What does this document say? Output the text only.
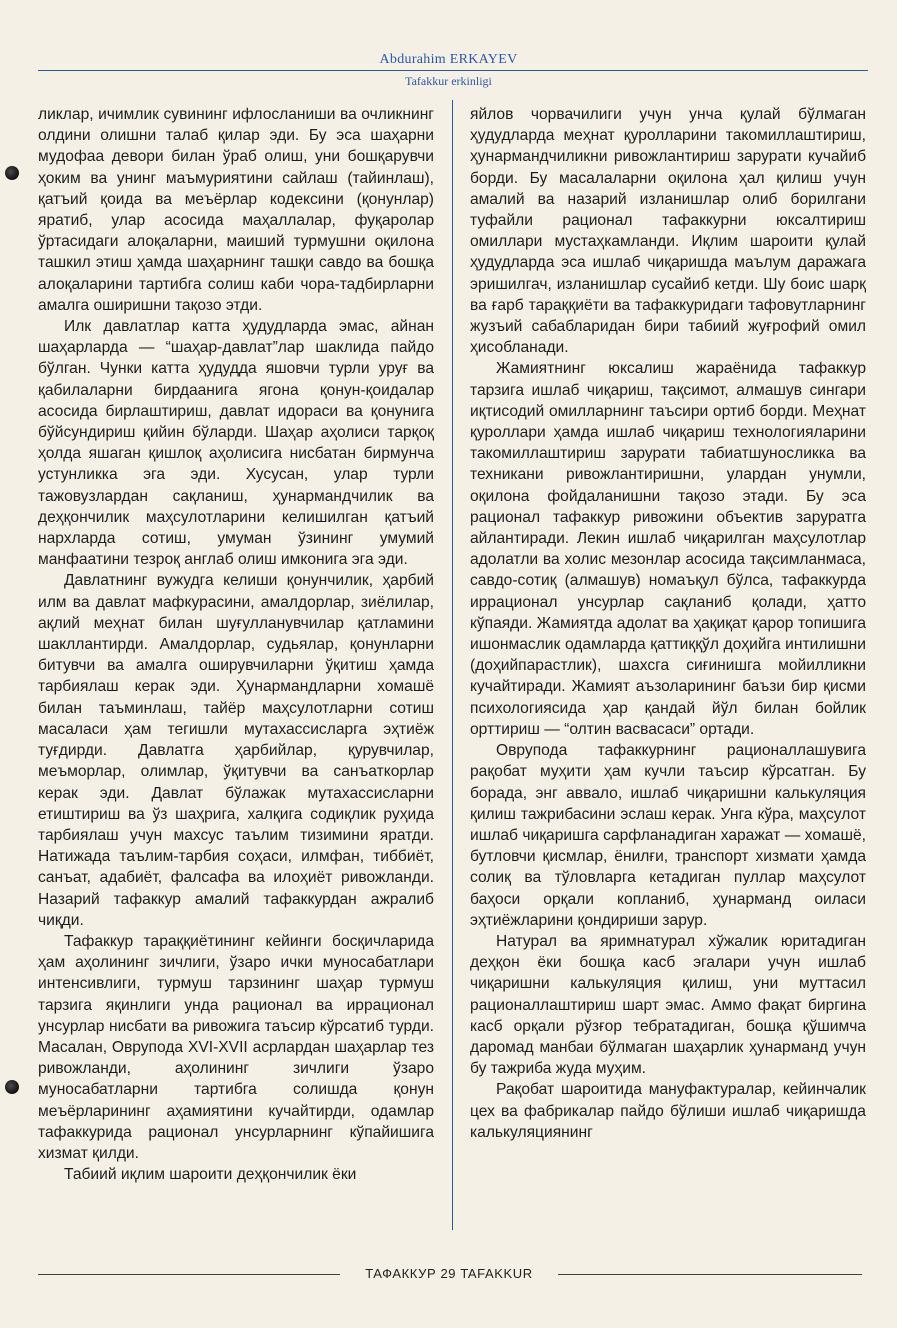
Abdurahim ERKAYEV
Tafakkur erkinligi

ликлар, ичимлик сувининг ифлосланиши ва очликнинг олдини олишни талаб қилар эди. Бу эса шаҳарни мудофаа девори билан ўраб олиш, уни бошқарувчи ҳоким ва унинг маъмуриятини сайлаш (тайинлаш), қатъий қоида ва меъёрлар кодексини (қонунлар) яратиб, улар асосида маҳаллалар, фуқаролар ўртасидаги алоқаларни, маиший турмушни оқилона ташкил этиш ҳамда шаҳарнинг ташқи савдо ва бошқа алоқаларини тартибга солиш каби чора-тадбирларни амалга оширишни тақозо этди.

Илк давлатлар катта ҳудудларда эмас, айнан шаҳарларда — “шаҳар-давлат”лар шаклида пайдо бўлган. Чунки катта ҳудудда яшовчи турли уруғ ва қабилаларни бирдаанига ягона қонун-қоидалар асосида бирлаштириш, давлат идораси ва қонунига бўйсундириш қийин бўларди. Шаҳар аҳолиси тарқоқ ҳолда яшаган қишлоқ аҳолисига нисбатан бирмунча устунликка эга эди. Хусусан, улар турли тажовузлардан сақланиш, ҳунармандчилик ва деҳқончилик маҳсулотларини келишилган қатъий нархларда сотиш, умуман ўзининг умумий манфаатини тезроқ англаб олиш имконига эга эди.

Давлатнинг вужудга келиши қонунчилик, ҳарбий илм ва давлат мафкурасини, амалдорлар, зиёлилар, ақлий меҳнат билан шуғулланувчилар қатламини шакллантирди. Амалдорлар, судьялар, қонунларни битувчи ва амалга оширувчиларни ўқитиш ҳамда тарбиялаш керак эди. Ҳунармандларни хомашё билан таъминлаш, тайёр маҳсулотларни сотиш масаласи ҳам тегишли мутахассисларга эҳтиёж туғдирди. Давлатга ҳарбийлар, қурувчилар, меъморлар, олимлар, ўқитувчи ва санъаткорлар керак эди. Давлат бўлажак мутахассисларни етиштириш ва ўз шаҳрига, халқига содиқлик руҳида тарбиялаш учун махсус таълим тизимини яратди. Натижада таълим-тарбия соҳаси, илмфан, тиббиёт, санъат, адабиёт, фалсафа ва илоҳиёт ривожланди. Назарий тафаккур амалий тафаккурдан ажралиб чиқди.

Тафаккур тараққиётининг кейинги босқичларида ҳам аҳолининг зичлиги, ўзаро ички муносабатлари интенсивлиги, турмуш тарзининг шаҳар турмуш тарзига яқинлиги унда рационал ва иррационал унсурлар нисбати ва ривожига таъсир кўрсатиб турди. Масалан, Оврупода XVI-XVII асрлардан шаҳарлар тез ривожланди, аҳолининг зичлиги ўзаро муносабатларни тартибга солишда қонун меъёрларининг аҳамиятини кучайтирди, одамлар тафаккурида рационал унсурларнинг кўпайишига хизмат қилди.

Табиий иқлим шароити деҳқончилик ёки

яйлов чорвачилиги учун унча қулай бўлмаган ҳудудларда меҳнат қуролларини такомиллаштириш, ҳунармандчиликни ривожлантириш зарурати кучайиб борди. Бу масалаларни оқилона ҳал қилиш учун амалий ва назарий изланишлар олиб борилгани туфайли рационал тафаккурни юксалтириш омиллари мустаҳкамланди. Иқлим шароити қулай ҳудудларда эса ишлаб чиқаришда маълум даражага эришилгач, изланишлар сусайиб кетди. Шу боис шарқ ва ғарб тараққиёти ва тафаккуридаги тафовутларнинг жузъий сабабларидан бири табиий жуғрофий омил ҳисобланади.

Жамиятнинг юксалиш жараёнида тафаккур тарзига ишлаб чиқариш, тақсимот, алмашув сингари иқтисодий омилларнинг таъсири ортиб борди. Меҳнат қуроллари ҳамда ишлаб чиқариш технологияларини такомиллаштириш зарурати табиатшуносликка ва техникани ривожлантиришни, улардан унумли, оқилона фойдаланишни тақозо этади. Бу эса рационал тафаккур ривожини объектив заруратга айлантиради. Лекин ишлаб чиқарилган маҳсулотлар адолатли ва холис мезонлар асосида тақсимланмаса, савдо-сотиқ (алмашув) номаъқул бўлса, тафаккурда иррационал унсурлар сақланиб қолади, ҳатто кўпаяди. Жамиятда адолат ва ҳақиқат қарор топишига ишонмаслик одамларда қаттиққўл доҳийга интилишни (доҳийпарастлик), шахсга сиғинишга мойилликни кучайтиради. Жамият аъзоларининг баъзи бир қисми психологиясида ҳар қандай йўл билан бойлик орттириш — “олтин васвасаси” ортади.

Оврупода тафаккурнинг рационаллашувига рақобат муҳити ҳам кучли таъсир кўрсатган. Бу борада, энг аввало, ишлаб чиқаришни калькуляция қилиш тажрибасини эслаш керак. Унга кўра, маҳсулот ишлаб чиқаришга сарфланадиган харажат — хомашё, бутловчи қисмлар, ёнилғи, транспорт хизмати ҳамда солиқ ва тўловларга кетадиган пуллар маҳсулот баҳоси орқали копланиб, ҳунарманд оиласи эҳтиёжларини қондириши зарур.

Натурал ва яримнатурал хўжалик юритадиган деҳқон ёки бошқа касб эгалари учун ишлаб чиқаришни калькуляция қилиш, уни муттасил рационаллаштириш шарт эмас. Аммо фақат биргина касб орқали рўзғор тебратадиган, бошқа қўшимча даромад манбаи бўлмаган шаҳарлик ҳунарманд учун бу тажриба жуда муҳим.

Рақобат шароитида мануфактуралар, кейинчалик цех ва фабрикалар пайдо бўлиши ишлаб чиқаришда калькуляциянинг

ТАФАККУР 29 TAFAKKUR
